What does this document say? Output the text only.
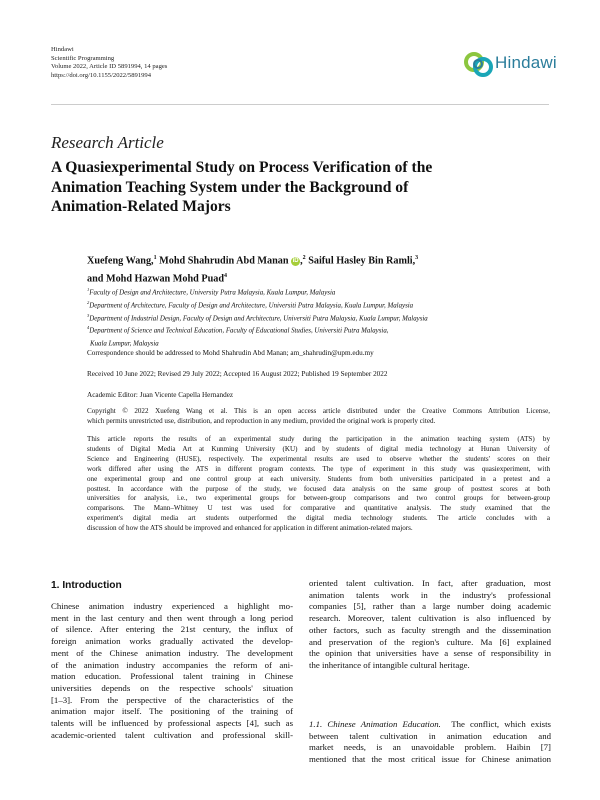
Hindawi
Scientific Programming
Volume 2022, Article ID 5891994, 14 pages
https://doi.org/10.1155/2022/5891994
Hindawi
Research Article
A Quasiexperimental Study on Process Verification of the
Animation Teaching System under the Background of
Animation-Related Majors
Xuefeng Wang,$^1$ Mohd Shahrudin Abd Manan iD ,$^2$ Saiful Hasley Bin Ramli,$^3$
and Mohd Hazwan Mohd Puad$^4$
$^1$Faculty of Design and Architecture, University Putra Malaysia, Kuala Lumpur, Malaysia
$^2$Department of Architecture, Faculty of Design and Architecture, Universiti Putra Malaysia, Kuala Lumpur, Malaysia
$^3$Department of Industrial Design, Faculty of Design and Architecture, Universiti Putra Malaysia, Kuala Lumpur, Malaysia
$^4$Department of Science and Technical Education, Faculty of Educational Studies, Universiti Putra Malaysia,
Kuala Lumpur, Malaysia
Correspondence should be addressed to Mohd Shahrudin Abd Manan; am_shahrudin@upm.edu.my
Received 10 June 2022; Revised 29 July 2022; Accepted 16 August 2022; Published 19 September 2022
Academic Editor: Juan Vicente Capella Hernandez
Copyright © 2022 Xuefeng Wang et al. This is an open access article distributed under the Creative Commons Attribution License,
which permits unrestricted use, distribution, and reproduction in any medium, provided the original work is properly cited.
This article reports the results of an experimental study during the participation in the animation teaching system (ATS) by
students of Digital Media Art at Kunming University (KU) and by students of digital media technology at Hunan University of
Science and Engineering (HUSE), respectively. The experimental results are used to observe whether the students' scores on their
work differed after using the ATS in different program contexts. The type of experiment in this study was quasiexperiment, with
one experimental group and one control group at each university. Students from both universities participated in a pretest and a
posttest. In accordance with the purpose of the study, we focused data analysis on the same group of posttest scores at both
universities for analysis, i.e., two experimental groups for between-group comparisons and two control groups for between-group
comparisons. The Mann–Whitney U test was used for comparative and quantitative analysis. The study examined that the
experiment's digital media art students outperformed the digital media technology students. The article concludes with a
discussion of how the ATS should be improved and enhanced for application in different animation-related majors.
1. Introduction
Chinese animation industry experienced a highlight mo-
ment in the last century and then went through a long period
of silence. After entering the 21st century, the influx of
foreign animation works gradually activated the develop-
ment of the Chinese animation industry. The development
of the animation industry accompanies the reform of ani-
mation education. Professional talent training in Chinese
universities depends on the respective schools' situation
[1–3]. From the perspective of the characteristics of the
animation major itself. The positioning of the training of
talents will be influenced by professional aspects [4], such as
academic-oriented talent cultivation and professional skill-
oriented talent cultivation. In fact, after graduation, most
animation talents work in the industry's professional
companies [5], rather than a large number doing academic
research. Moreover, talent cultivation is also influenced by
other factors, such as faculty strength and the dissemination
and preservation of the region's culture. Ma [6] explained
the opinion that universities have a sense of responsibility in
the inheritance of intangible cultural heritage.
1.1. Chinese Animation Education. The conflict, which exists
between talent cultivation in animation education and
market needs, is an unavoidable problem. Haibin [7]
mentioned that the most critical issue for Chinese animation
